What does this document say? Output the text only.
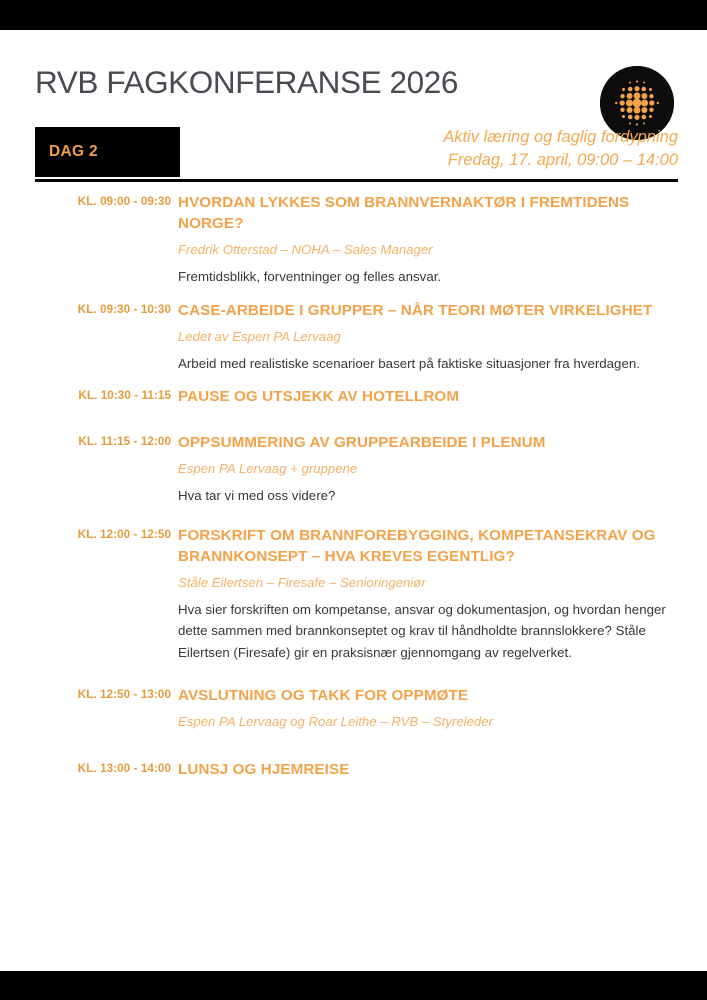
RVB FAGKONFERANSE 2026
DAG 2
Aktiv læring og faglig fordypning
Fredag, 17. april, 09:00 – 14:00
KL. 09:00 - 09:30 HVORDAN LYKKES SOM BRANNVERNAKTØR I FREMTIDENS NORGE?
Fredrik Otterstad – NOHA – Sales Manager
Fremtidsblikk, forventninger og felles ansvar.
KL. 09:30 - 10:30 CASE-ARBEIDE I GRUPPER – NÅR TEORI MØTER VIRKELIGHET
Ledet av Espen PA Lervaag
Arbeid med realistiske scenarioer basert på faktiske situasjoner fra hverdagen.
KL. 10:30 - 11:15 PAUSE OG UTSJEKK AV HOTELLROM
KL. 11:15 - 12:00 OPPSUMMERING AV GRUPPEARBEIDE I PLENUM
Espen PA Lervaag + gruppene
Hva tar vi med oss videre?
KL. 12:00 - 12:50 FORSKRIFT OM BRANNFOREBYGGING, KOMPETANSEKRAV OG BRANNKONSEPT – HVA KREVES EGENTLIG?
Ståle Eilertsen – Firesafe – Senioringeniør
Hva sier forskriften om kompetanse, ansvar og dokumentasjon, og hvordan henger dette sammen med brannkonseptet og krav til håndholdte brannslokkere? Ståle Eilertsen (Firesafe) gir en praksisnær gjennomgang av regelverket.
KL. 12:50 - 13:00 AVSLUTNING OG TAKK FOR OPPMØTE
Espen PA Lervaag og Roar Leithe – RVB – Styreleder
KL. 13:00 - 14:00 LUNSJ OG HJEMREISE
